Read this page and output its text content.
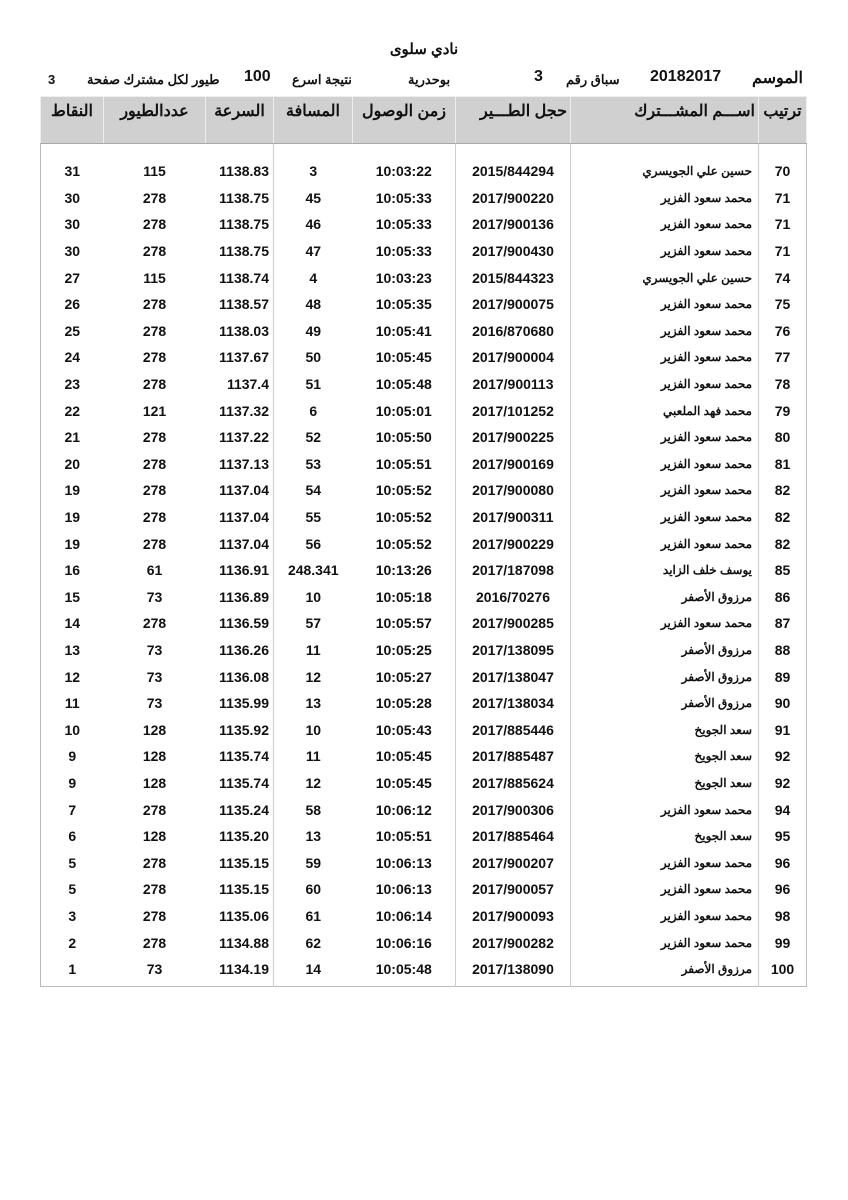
نادي سلوى
3 طيور لكل مشترك صفحة 100 نتيجة اسرع	بوحدرية	3 سباق رقم 20182017 الموسم
النقاط	عددالطيور	السرعة	المسافة	زمن الوصول	حجل الطـــير	اســـم المشـــترك	ترتيب
31	115	1138.83	3	10:03:22	2015/844294	حسين علي الجويسري	70
30	278	1138.75	45	10:05:33	2017/900220	محمد سعود الفزير	71
30	278	1138.75	46	10:05:33	2017/900136	محمد سعود الفزير	71
30	278	1138.75	47	10:05:33	2017/900430	محمد سعود الفزير	71
27	115	1138.74	4	10:03:23	2015/844323	حسين علي الجويسري	74
26	278	1138.57	48	10:05:35	2017/900075	محمد سعود الفزير	75
25	278	1138.03	49	10:05:41	2016/870680	محمد سعود الفزير	76
24	278	1137.67	50	10:05:45	2017/900004	محمد سعود الفزير	77
23	278	1137.4	51	10:05:48	2017/900113	محمد سعود الفزير	78
22	121	1137.32	6	10:05:01	2017/101252	محمد فهد الملعبي	79
21	278	1137.22	52	10:05:50	2017/900225	محمد سعود الفزير	80
20	278	1137.13	53	10:05:51	2017/900169	محمد سعود الفزير	81
19	278	1137.04	54	10:05:52	2017/900080	محمد سعود الفزير	82
19	278	1137.04	55	10:05:52	2017/900311	محمد سعود الفزير	82
19	278	1137.04	56	10:05:52	2017/900229	محمد سعود الفزير	82
16	61	1136.91	248.341	10:13:26	2017/187098	يوسف خلف الزايد	85
15	73	1136.89	10	10:05:18	2016/70276	مرزوق الأصفر	86
14	278	1136.59	57	10:05:57	2017/900285	محمد سعود الفزير	87
13	73	1136.26	11	10:05:25	2017/138095	مرزوق الأصفر	88
12	73	1136.08	12	10:05:27	2017/138047	مرزوق الأصفر	89
11	73	1135.99	13	10:05:28	2017/138034	مرزوق الأصفر	90
10	128	1135.92	10	10:05:43	2017/885446	سعد الجويخ	91
9	128	1135.74	11	10:05:45	2017/885487	سعد الجويخ	92
9	128	1135.74	12	10:05:45	2017/885624	سعد الجويخ	92
7	278	1135.24	58	10:06:12	2017/900306	محمد سعود الفزير	94
6	128	1135.20	13	10:05:51	2017/885464	سعد الجويخ	95
5	278	1135.15	59	10:06:13	2017/900207	محمد سعود الفزير	96
5	278	1135.15	60	10:06:13	2017/900057	محمد سعود الفزير	96
3	278	1135.06	61	10:06:14	2017/900093	محمد سعود الفزير	98
2	278	1134.88	62	10:06:16	2017/900282	محمد سعود الفزير	99
1	73	1134.19	14	10:05:48	2017/138090	مرزوق الأصفر	100
